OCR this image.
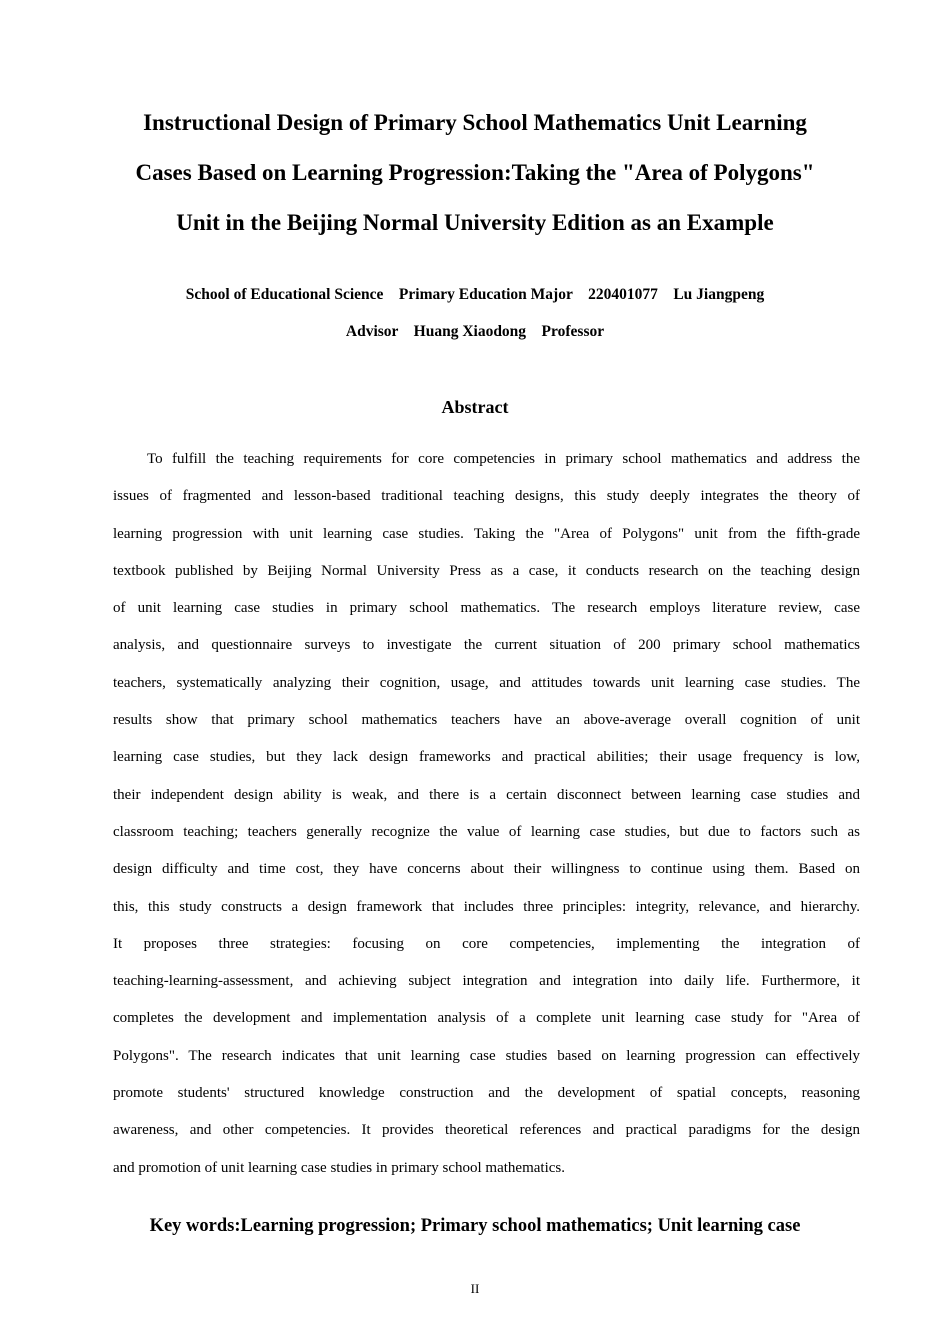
Instructional Design of Primary School Mathematics Unit Learning
Cases Based on Learning Progression:Taking the "Area of Polygons"
Unit in the Beijing Normal University Edition as an Example

School of Educational Science    Primary Education Major    220401077    Lu Jiangpeng

Advisor    Huang Xiaodong    Professor

Abstract
To fulfill the teaching requirements for core competencies in primary school mathematics and address the
issues of fragmented and lesson-based traditional teaching designs, this study deeply integrates the theory of
learning progression with unit learning case studies. Taking the "Area of Polygons" unit from the fifth-grade
textbook published by Beijing Normal University Press as a case, it conducts research on the teaching design
of unit learning case studies in primary school mathematics. The research employs literature review, case
analysis, and questionnaire surveys to investigate the current situation of 200 primary school mathematics
teachers, systematically analyzing their cognition, usage, and attitudes towards unit learning case studies. The
results show that primary school mathematics teachers have an above-average overall cognition of unit
learning case studies, but they lack design frameworks and practical abilities; their usage frequency is low,
their independent design ability is weak, and there is a certain disconnect between learning case studies and
classroom teaching; teachers generally recognize the value of learning case studies, but due to factors such as
design difficulty and time cost, they have concerns about their willingness to continue using them. Based on
this, this study constructs a design framework that includes three principles: integrity, relevance, and hierarchy.
It proposes three strategies: focusing on core competencies, implementing the integration of
teaching-learning-assessment, and achieving subject integration and integration into daily life. Furthermore, it
completes the development and implementation analysis of a complete unit learning case study for "Area of
Polygons". The research indicates that unit learning case studies based on learning progression can effectively
promote students' structured knowledge construction and the development of spatial concepts, reasoning
awareness, and other competencies. It provides theoretical references and practical paradigms for the design
and promotion of unit learning case studies in primary school mathematics.

Key words:Learning progression; Primary school mathematics; Unit learning case

II
